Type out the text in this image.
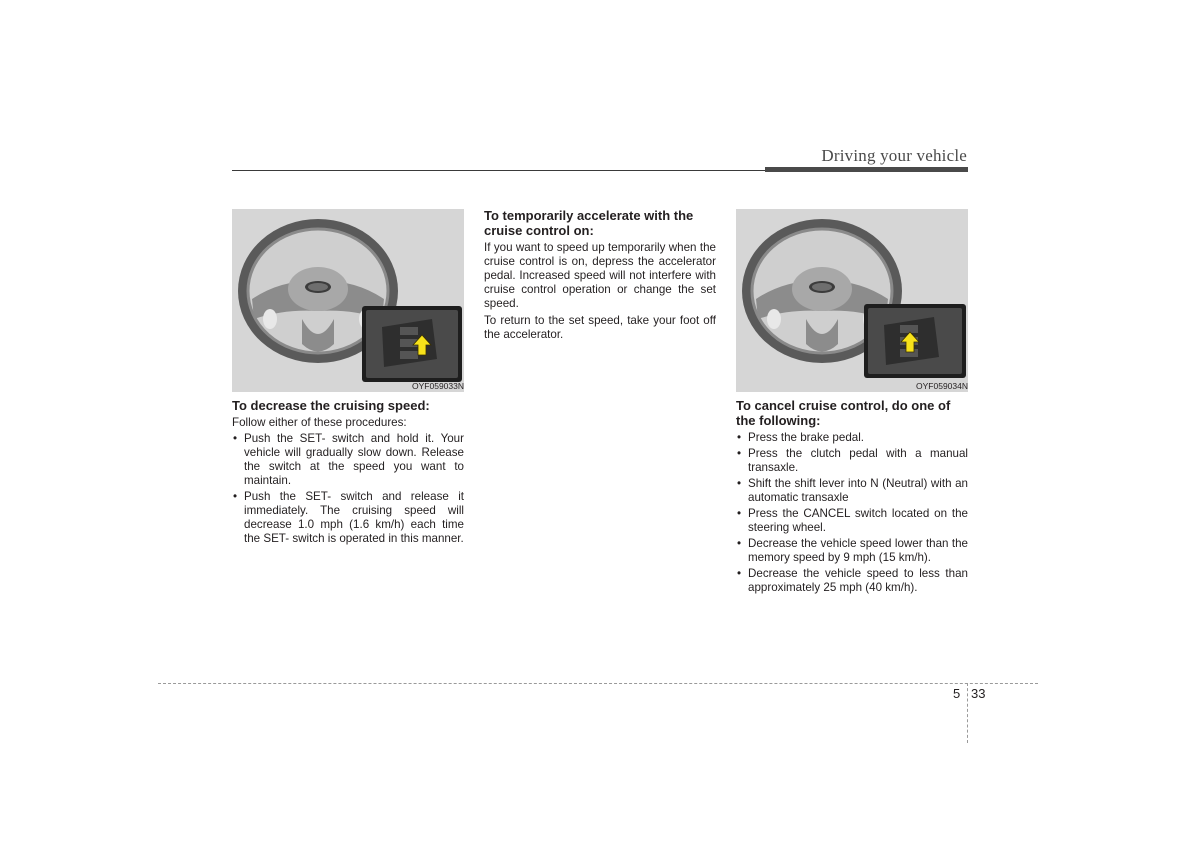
Driving your vehicle
OYF059033N
To decrease the cruising speed:
Follow either of these procedures:
• Push the SET- switch and hold it. Your vehicle will gradually slow down. Release the switch at the speed you want to maintain.
• Push the SET- switch and release it immediately. The cruising speed will decrease 1.0 mph (1.6 km/h) each time the SET- switch is operated in this manner.
To temporarily accelerate with the cruise control on:
If you want to speed up temporarily when the cruise control is on, depress the accelerator pedal. Increased speed will not interfere with cruise control operation or change the set speed.
To return to the set speed, take your foot off the accelerator.
OYF059034N
To cancel cruise control, do one of the following:
• Press the brake pedal.
• Press the clutch pedal with a manual transaxle.
• Shift the shift lever into N (Neutral) with an automatic transaxle
• Press the CANCEL switch located on the steering wheel.
• Decrease the vehicle speed lower than the memory speed by 9 mph (15 km/h).
• Decrease the vehicle speed to less than approximately 25 mph (40 km/h).
5 33
